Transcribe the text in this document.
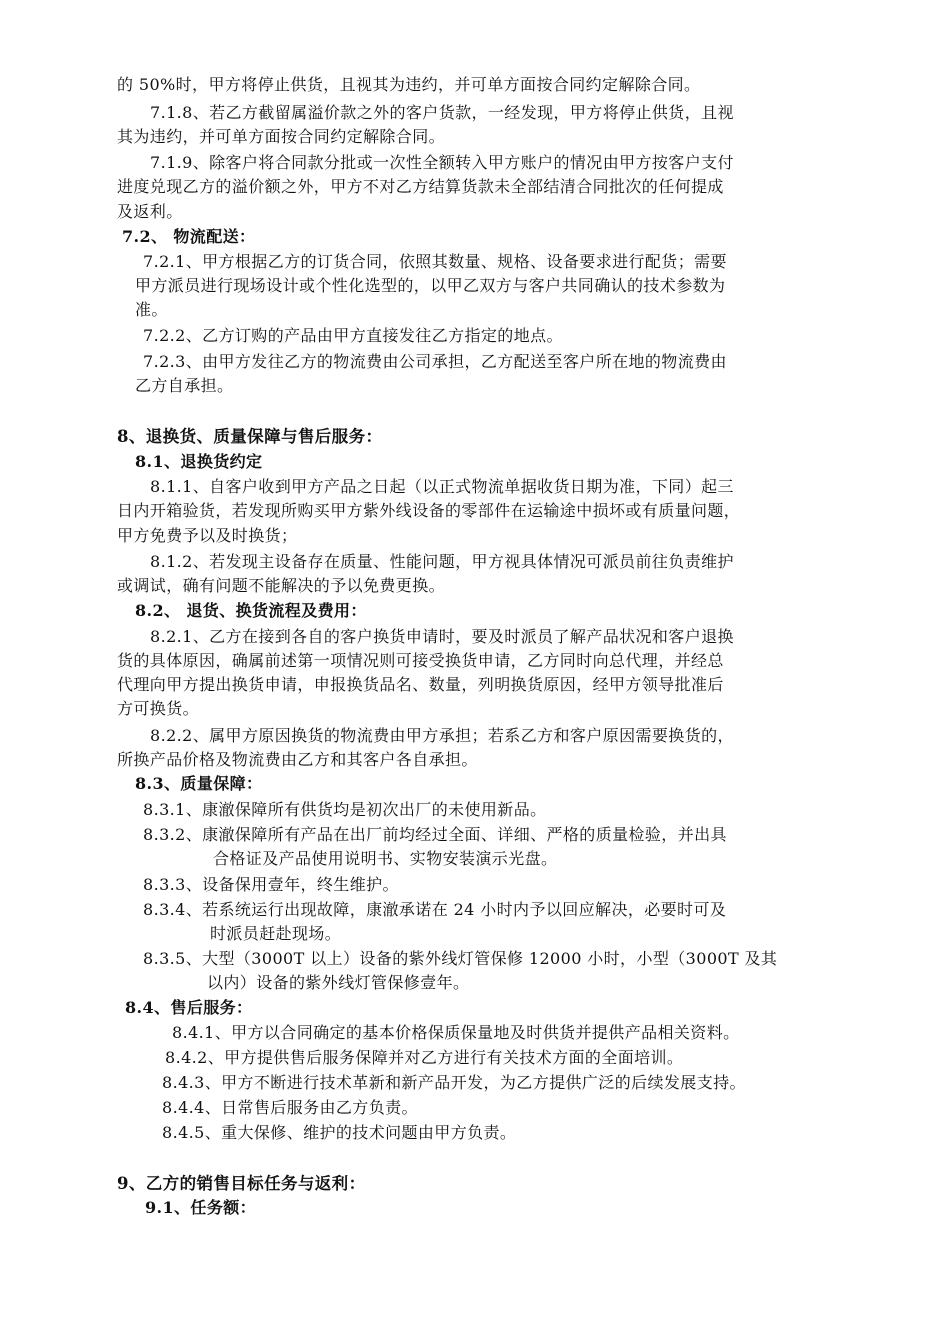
的 50%时，甲方将停止供货，且视其为违约，并可单方面按合同约定解除合同。

7.1.8、若乙方截留属溢价款之外的客户货款，一经发现，甲方将停止供货，且视

其为违约，并可单方面按合同约定解除合同。

7.1.9、除客户将合同款分批或一次性全额转入甲方账户的情况由甲方按客户支付

进度兑现乙方的溢价额之外，甲方不对乙方结算货款未全部结清合同批次的任何提成

及返利。

7.2、 物流配送：

7.2.1、甲方根据乙方的订货合同，依照其数量、规格、设备要求进行配货；需要

甲方派员进行现场设计或个性化选型的，以甲乙双方与客户共同确认的技术参数为

准。

7.2.2、乙方订购的产品由甲方直接发往乙方指定的地点。

7.2.3、由甲方发往乙方的物流费由公司承担，乙方配送至客户所在地的物流费由

乙方自承担。

8、退换货、质量保障与售后服务：

8.1、退换货约定

8.1.1、自客户收到甲方产品之日起（以正式物流单据收货日期为准，下同）起三

日内开箱验货，若发现所购买甲方紫外线设备的零部件在运输途中损坏或有质量问题，

甲方免费予以及时换货；

8.1.2、若发现主设备存在质量、性能问题，甲方视具体情况可派员前往负责维护

或调试，确有问题不能解决的予以免费更换。

8.2、 退货、换货流程及费用：

8.2.1、乙方在接到各自的客户换货申请时，要及时派员了解产品状况和客户退换

货的具体原因，确属前述第一项情况则可接受换货申请，乙方同时向总代理，并经总

代理向甲方提出换货申请，申报换货品名、数量，列明换货原因，经甲方领导批准后

方可换货。

8.2.2、属甲方原因换货的物流费由甲方承担；若系乙方和客户原因需要换货的，

所换产品价格及物流费由乙方和其客户各自承担。

8.3、质量保障：

8.3.1、康澈保障所有供货均是初次出厂的未使用新品。

8.3.2、康澈保障所有产品在出厂前均经过全面、详细、严格的质量检验，并出具

合格证及产品使用说明书、实物安装演示光盘。

8.3.3、设备保用壹年，终生维护。

8.3.4、若系统运行出现故障，康澈承诺在 24 小时内予以回应解决，必要时可及

时派员赶赴现场。

8.3.5、大型（3000T 以上）设备的紫外线灯管保修 12000 小时，小型（3000T 及其

以内）设备的紫外线灯管保修壹年。

8.4、售后服务：

8.4.1、甲方以合同确定的基本价格保质保量地及时供货并提供产品相关资料。

8.4.2、甲方提供售后服务保障并对乙方进行有关技术方面的全面培训。

8.4.3、甲方不断进行技术革新和新产品开发，为乙方提供广泛的后续发展支持。

8.4.4、日常售后服务由乙方负责。

8.4.5、重大保修、维护的技术问题由甲方负责。

9、乙方的销售目标任务与返利：

9.1、任务额：
